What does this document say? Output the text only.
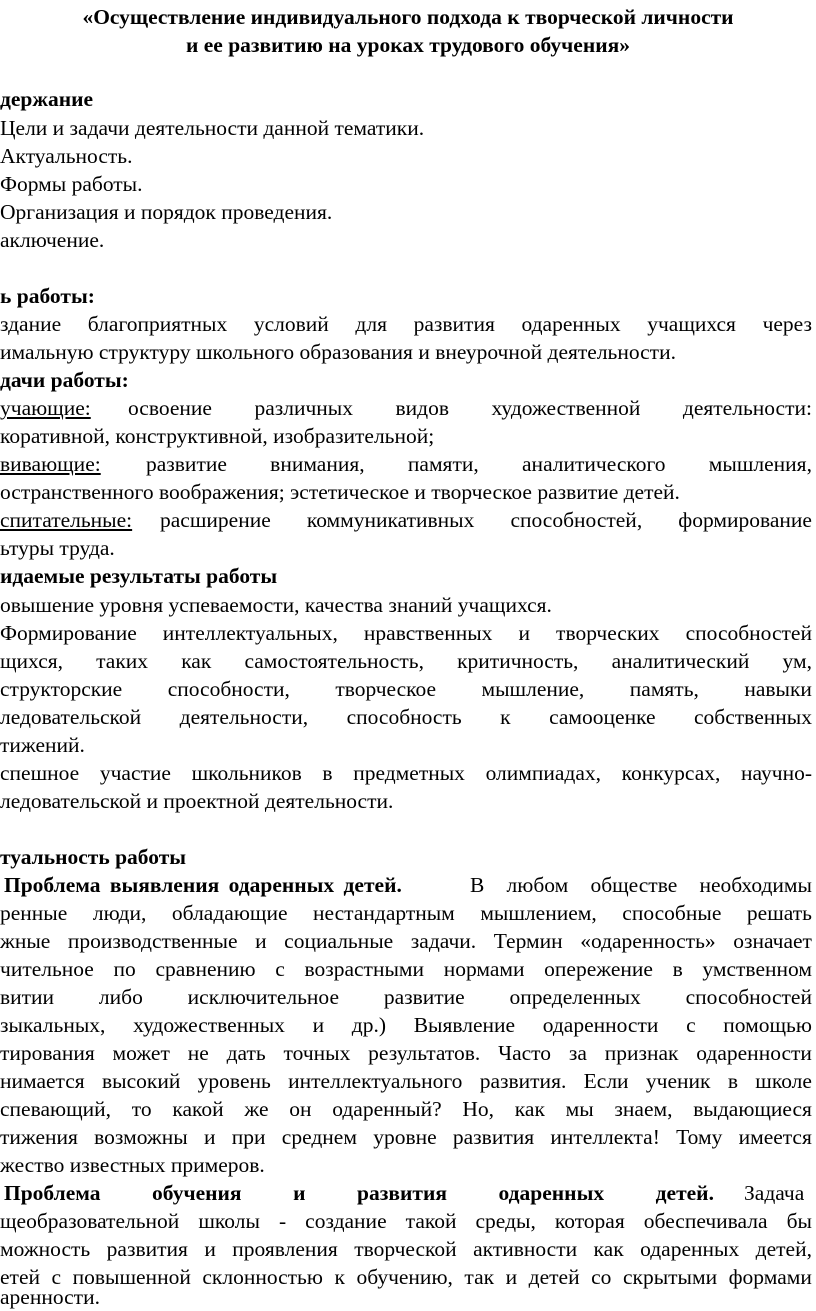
«Осуществление индивидуального подхода к творческой личности
и ее развитию на уроках трудового обучения»
держание
Цели и задачи деятельности данной тематики.
Актуальность.
Формы работы.
Организация и порядок проведения.
аключение.
ь работы:
здание благоприятных условий для развития одаренных учащихся через
имальную структуру школьного образования и внеурочной деятельности.
дачи работы:
учающие: освоение различных видов художественной деятельности:
коративной, конструктивной, изобразительной;
вивающие: развитие внимания, памяти, аналитического мышления,
остранственного воображения; эстетическое и творческое развитие детей.
спитательные: расширение коммуникативных способностей, формирование
ьтуры труда.
идаемые результаты работы
овышение уровня успеваемости, качества знаний учащихся.
Формирование интеллектуальных, нравственных и творческих способностей
щихся, таких как самостоятельность, критичность, аналитический ум,
структорские способности, творческое мышление, память, навыки
ледовательской деятельности, способность к самооценке собственных
тижений.
спешное участие школьников в предметных олимпиадах, конкурсах, научно-
ледовательской и проектной деятельности.
туальность работы
Проблема выявления одаренных детей.	В любом обществе необходимы
ренные люди, обладающие нестандартным мышлением, способные решать
жные производственные и социальные задачи. Термин «одаренность» означает
чительное по сравнению с возрастными нормами опережение в умственном
витии либо исключительное развитие определенных способностей
зыкальных, художественных и др.) Выявление одаренности с помощью
тирования может не дать точных результатов. Часто за признак одаренности
нимается высокий уровень интеллектуального развития. Если ученик в школе
спевающий, то какой же он одаренный? Но, как мы знаем, выдающиеся
тижения возможны и при среднем уровне развития интеллекта! Тому имеется
жество известных примеров.
Проблема обучения и развития одаренных детей. Задача
щеобразовательной школы - создание такой среды, которая обеспечивала бы
можность развития и проявления творческой активности как одаренных детей,
етей с повышенной склонностью к обучению, так и детей со скрытыми формами
аренности.
